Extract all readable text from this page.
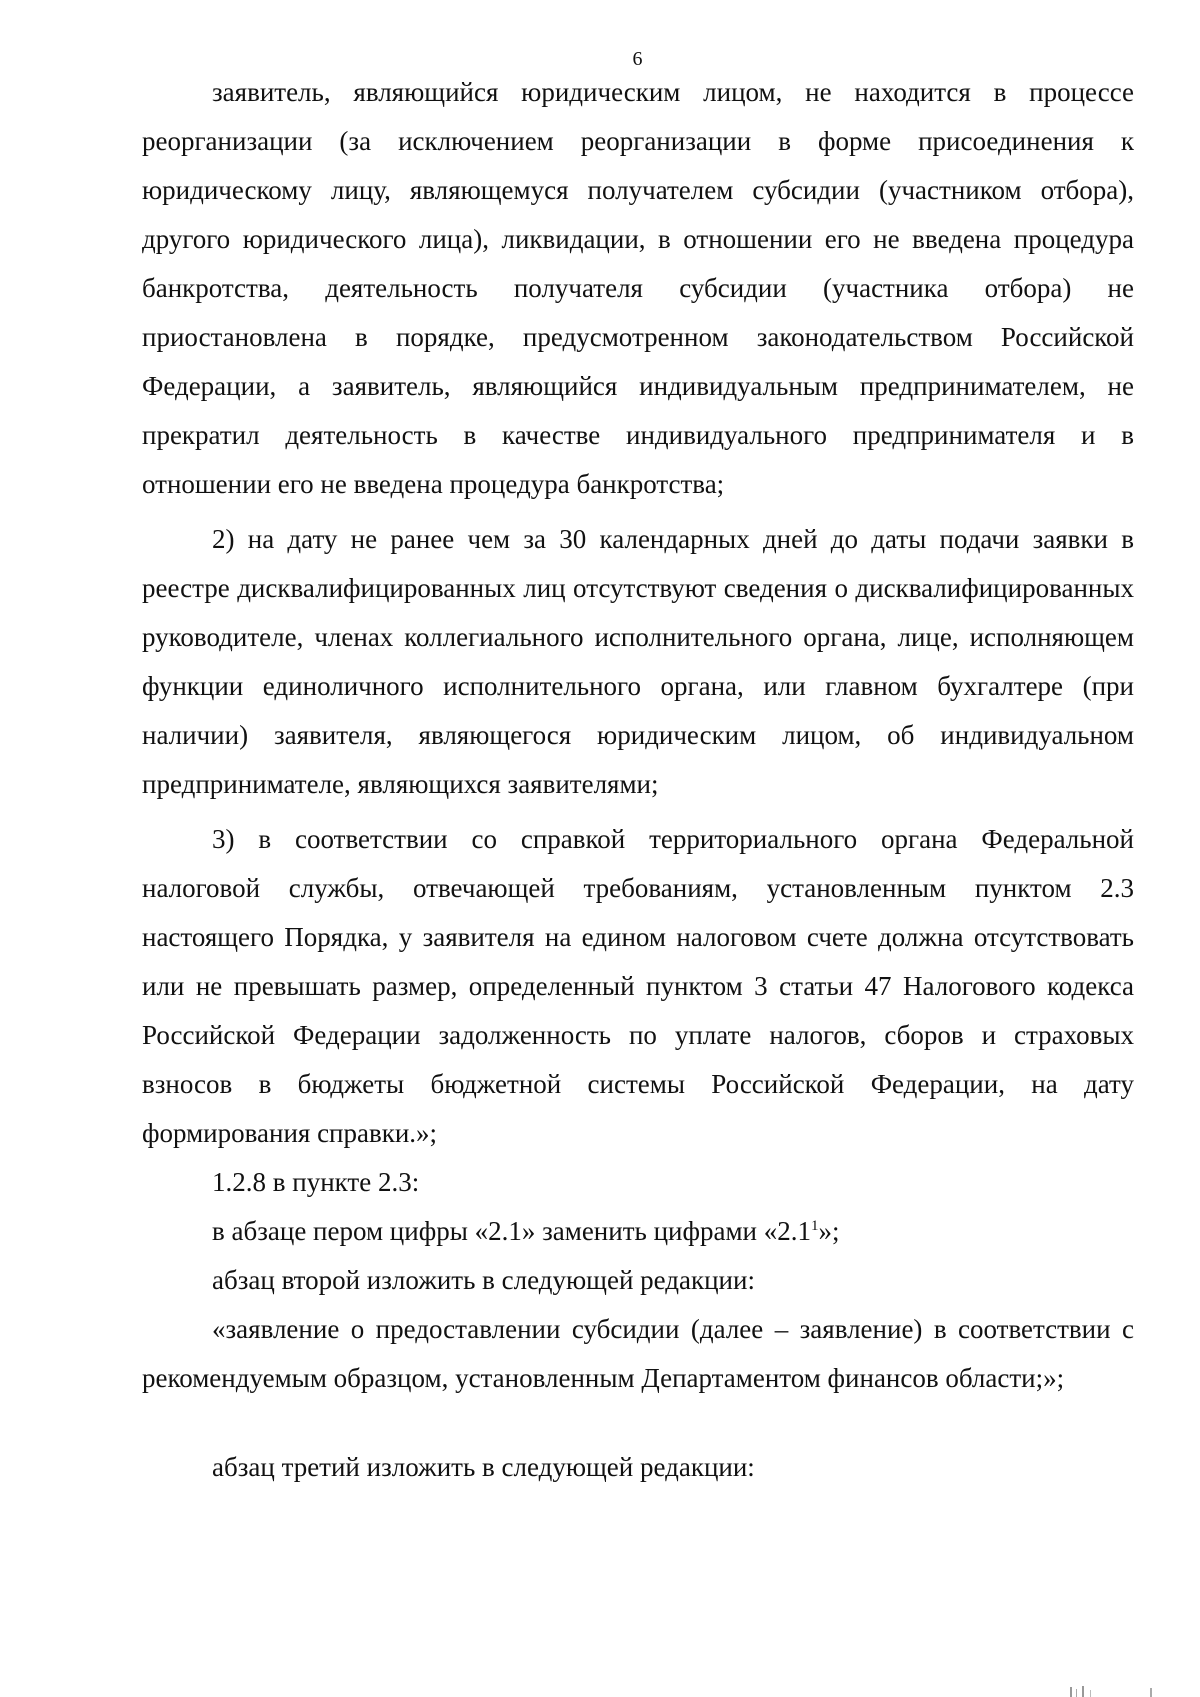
6

заявитель, являющийся юридическим лицом, не находится в процессе реорганизации (за исключением реорганизации в форме присоединения к юридическому лицу, являющемуся получателем субсидии (участником отбора), другого юридического лица), ликвидации, в отношении его не введена процедура банкротства, деятельность получателя субсидии (участника отбора) не приостановлена в порядке, предусмотренном законодательством Российской Федерации, а заявитель, являющийся индивидуальным предпринимателем, не прекратил деятельность в качестве индивидуального предпринимателя и в отношении его не введена процедура банкротства;

2) на дату не ранее чем за 30 календарных дней до даты подачи заявки в реестре дисквалифицированных лиц отсутствуют сведения о дисквалифицированных руководителе, членах коллегиального исполнительного органа, лице, исполняющем функции единоличного исполнительного органа, или главном бухгалтере (при наличии) заявителя, являющегося юридическим лицом, об индивидуальном предпринимателе, являющихся заявителями;

3) в соответствии со справкой территориального органа Федеральной налоговой службы, отвечающей требованиям, установленным пунктом 2.3 настоящего Порядка, у заявителя на едином налоговом счете должна отсутствовать или не превышать размер, определенный пунктом 3 статьи 47 Налогового кодекса Российской Федерации задолженность по уплате налогов, сборов и страховых взносов в бюджеты бюджетной системы Российской Федерации, на дату формирования справки.»;

1.2.8 в пункте 2.3:

в абзаце пером цифры «2.1» заменить цифрами «$2.1^1$»;

абзац второй изложить в следующей редакции:

«заявление о предоставлении субсидии (далее – заявление) в соответствии с рекомендуемым образцом, установленным Департаментом финансов области;»;

абзац третий изложить в следующей редакции:
